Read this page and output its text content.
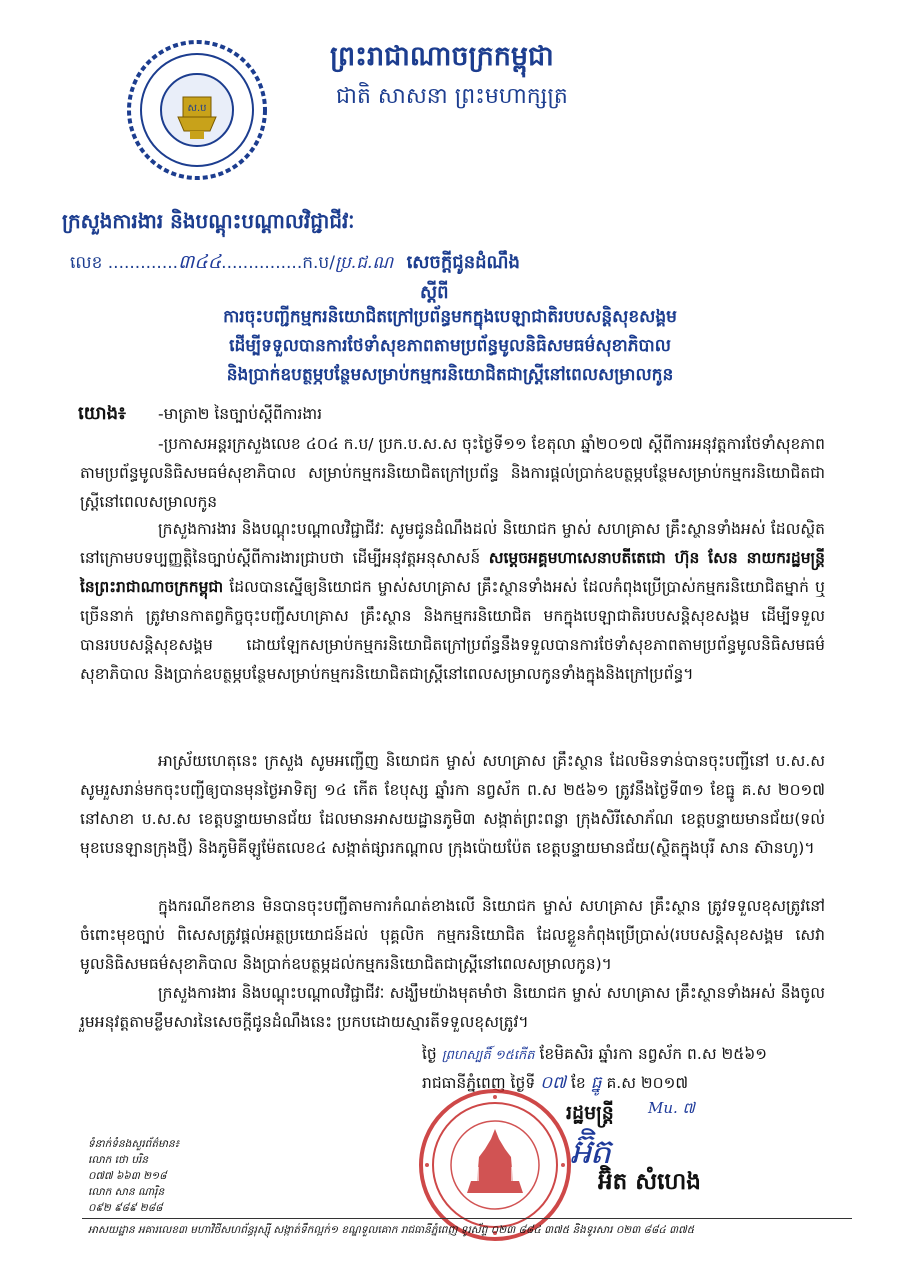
ស.ប
ព្រះរាជាណាចក្រកម្ពុជា
ជាតិ សាសនា ព្រះមហាក្សត្រ
ក្រសួងការងារ និងបណ្តុះបណ្តាលវិជ្ជាជីវៈ
លេខ .............៣៤៤...............ក.ប/ប្រ.ជ.ណ សេចក្តីជូនដំណឹង
ស្តីពី
ការចុះបញ្ជីកម្មករនិយោជិតក្រៅប្រព័ន្ធមកក្នុងបេឡាជាតិរបបសន្តិសុខសង្គម
ដើម្បីទទួលបានការថែទាំសុខភាពតាមប្រព័ន្ធមូលនិធិសមធម៌សុខាភិបាល
និងប្រាក់ឧបត្ថម្ភបន្ថែមសម្រាប់កម្មករនិយោជិតជាស្ត្រីនៅពេលសម្រាលកូន
យោង៖ -មាត្រា២ នៃច្បាប់ស្តីពីការងារ
-ប្រកាសអន្តរក្រសួងលេខ ៤០៤ ក.ប/ ប្រក.ប.ស.ស ចុះថ្ងៃទី១១ ខែតុលា ឆ្នាំ២០១៧ ស្តីពីការអនុវត្តការថែទាំសុខភាពតាមប្រព័ន្ធមូលនិធិសមធម៌សុខាភិបាល សម្រាប់កម្មករនិយោជិតក្រៅប្រព័ន្ធ និងការផ្តល់ប្រាក់ឧបត្ថម្ភបន្ថែមសម្រាប់កម្មករនិយោជិតជាស្ត្រីនៅពេលសម្រាលកូន
ក្រសួងការងារ និងបណ្តុះបណ្តាលវិជ្ជាជីវៈ សូមជូនដំណឹងដល់ និយោជក ម្ចាស់ សហគ្រាស គ្រឹះស្ថានទាំងអស់ ដែលស្ថិតនៅក្រោមបទប្បញ្ញត្តិនៃច្បាប់ស្តីពីការងារជ្រាបថា ដើម្បីអនុវត្តអនុសាសន៍ សម្តេចអគ្គមហាសេនាបតីតេជោ ហ៊ុន សែន នាយករដ្ឋមន្ត្រី នៃព្រះរាជាណាចក្រកម្ពុជា ដែលបានស្នើឲ្យនិយោជក ម្ចាស់សហគ្រាស គ្រឹះស្ថានទាំងអស់ ដែលកំពុងប្រើប្រាស់កម្មករនិយោជិតម្នាក់ ឬច្រើននាក់ ត្រូវមានកាតព្វកិច្ចចុះបញ្ជីសហគ្រាស គ្រឹះស្ថាន និងកម្មករនិយោជិត មកក្នុងបេឡាជាតិរបបសន្តិសុខសង្គម ដើម្បីទទួលបានរបបសន្តិសុខសង្គម ដោយឡែកសម្រាប់កម្មករនិយោជិតក្រៅប្រព័ន្ធនឹងទទួលបានការថែទាំសុខភាពតាមប្រព័ន្ធមូលនិធិសមធម៌សុខាភិបាល និងប្រាក់ឧបត្ថម្ភបន្ថែមសម្រាប់កម្មករនិយោជិតជាស្ត្រីនៅពេលសម្រាលកូនទាំងក្នុងនិងក្រៅប្រព័ន្ធ។
អាស្រ័យហេតុនេះ ក្រសួង សូមអញ្ជើញ និយោជក ម្ចាស់ សហគ្រាស គ្រឹះស្ថាន ដែលមិនទាន់បានចុះបញ្ជីនៅ ប.ស.ស សូមរួសរាន់មកចុះបញ្ជីឲ្យបានមុនថ្ងៃអាទិត្យ ១៤ កើត ខែបុស្ស ឆ្នាំរកា នព្វស័ក ព.ស ២៥៦១ ត្រូវនឹងថ្ងៃទី៣១ ខែធ្នូ គ.ស ២០១៧ នៅសាខា ប.ស.ស ខេត្តបន្ទាយមានជ័យ ដែលមានអាសយដ្ឋានភូមិ៣ សង្កាត់ព្រះពន្លា ក្រុងសិរីសោភ័ណ ខេត្តបន្ទាយមានជ័យ(ទល់មុខបេនឡានក្រុងថ្មី) និងភូមិគីឡូម៉ែតលេខ៤ សង្កាត់ផ្សារកណ្តាល ក្រុងប៉ោយប៉ែត ខេត្តបន្ទាយមានជ័យ(ស្ថិតក្នុងបុរី សាន ស៊ានហូ)។
ក្នុងករណីខកខាន មិនបានចុះបញ្ជីតាមការកំណត់ខាងលើ និយោជក ម្ចាស់ សហគ្រាស គ្រឹះស្ថាន ត្រូវទទួលខុសត្រូវនៅចំពោះមុខច្បាប់ ពិសេសត្រូវផ្តល់អត្ថប្រយោជន៍ដល់ បុគ្គលិក កម្មករនិយោជិត ដែលខ្លួនកំពុងប្រើប្រាស់(របបសន្តិសុខសង្គម សេវាមូលនិធិសមធម៌សុខាភិបាល និងប្រាក់ឧបត្ថម្ភដល់កម្មករនិយោជិតជាស្ត្រីនៅពេលសម្រាលកូន)។
ក្រសួងការងារ និងបណ្តុះបណ្តាលវិជ្ជាជីវៈ សង្ឃឹមយ៉ាងមុតមាំថា និយោជក ម្ចាស់ សហគ្រាស គ្រឹះស្ថានទាំងអស់ នឹងចូលរួមអនុវត្តតាមខ្លឹមសារនៃសេចក្តីជូនដំណឹងនេះ ប្រកបដោយស្មារតីទទួលខុសត្រូវ។
ថ្ងៃ ព្រហស្បតិ៍ ១៥កើត ខែមិគសិរ ឆ្នាំរកា នព្វស័ក ព.ស ២៥៦១
រាជធានីភ្នំពេញ ថ្ងៃទី ០៧ ខែ ធ្នូ គ.ស ២០១៧
រដ្ឋមន្ត្រី Mu. ៧
អ៊ិត
អ៊ិត សំហេង
ទំនាក់ទំនងសួរព័ត៌មាន៖
លោក ថោ បរិន
០៧៧ ៦៦៣ ២១៨
លោក សាន ណារ៉ិន
០៩២ ៩៨៩ ២៨៨
អាសយដ្ឋាន អគារលេខ៣ មហាវិថីសហព័ន្ធរុស្ស៊ី សង្កាត់ទឹកល្អក់១ ខណ្ឌទួលគោក រាជធានីភ្នំពេញ ទូរស័ព្ទ ០២៣ ៨៨៤ ៣៧៥ និងទូរសារ ០២៣ ៨៨៤ ៣៧៥
